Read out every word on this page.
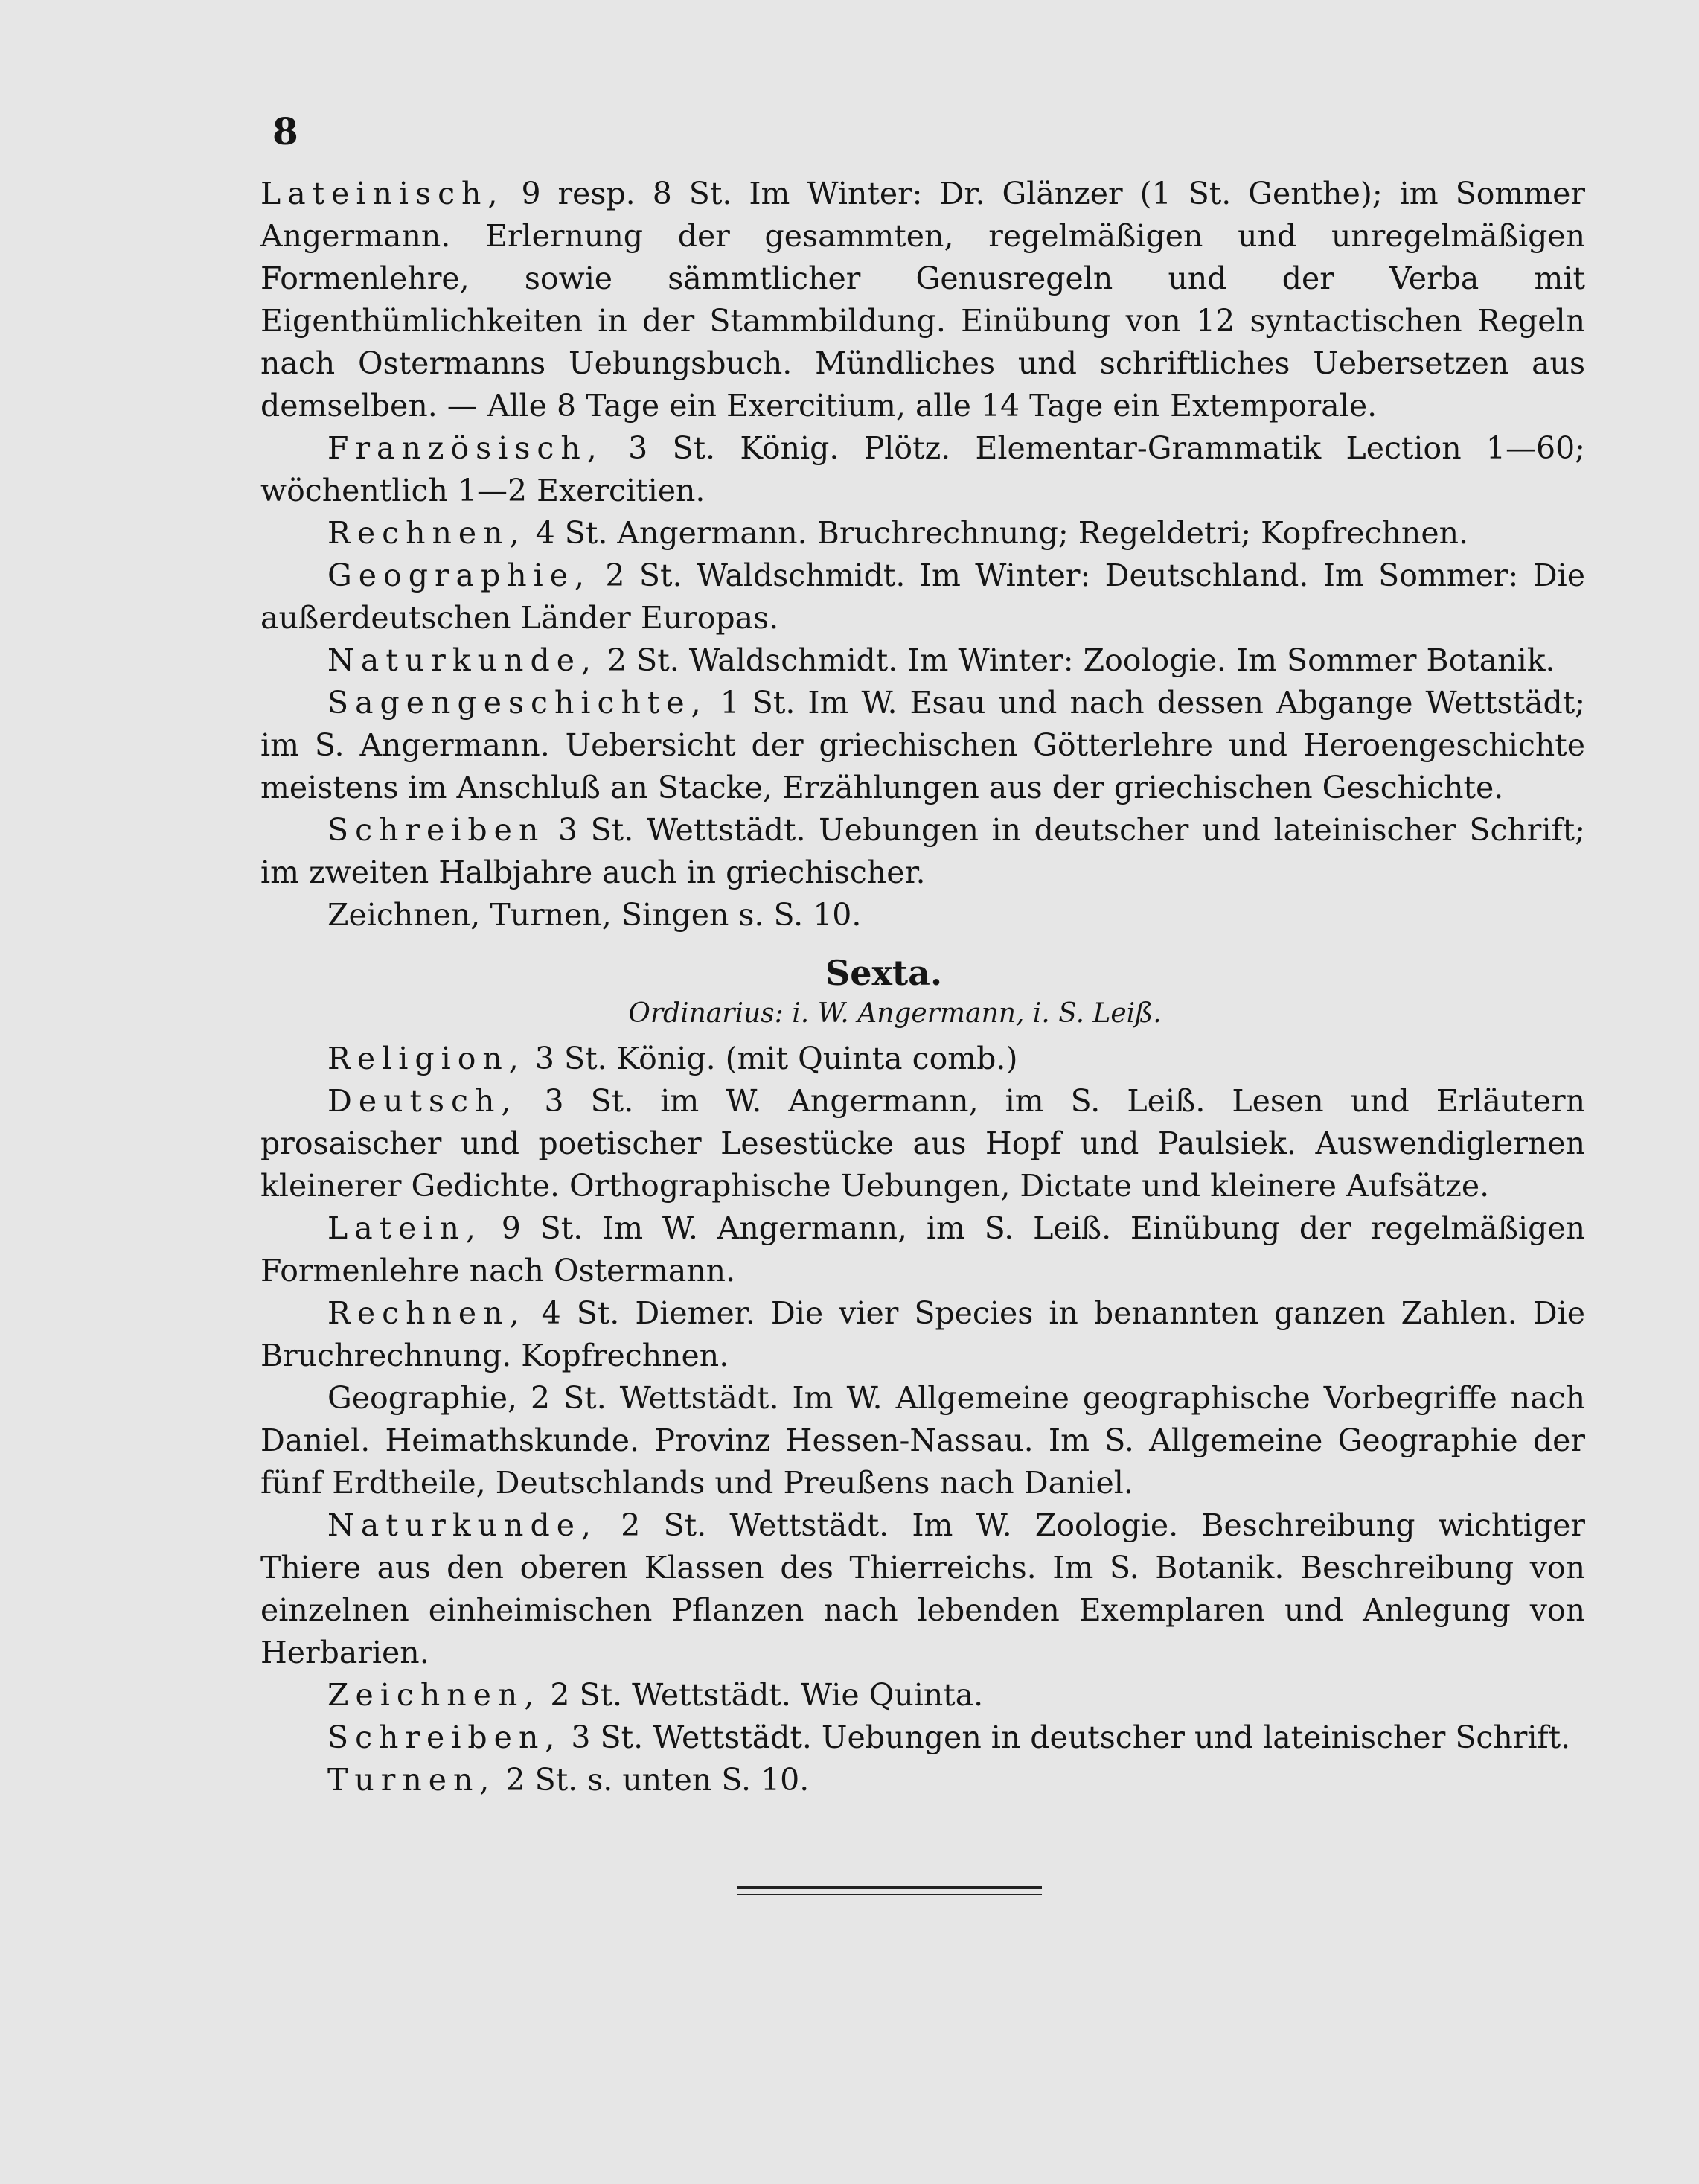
8

Lateinisch, 9 resp. 8 St. Im Winter: Dr. Glänzer (1 St. Genthe); im Sommer Angermann. Erlernung der gesammten, regelmäßigen und unregelmäßigen Formenlehre, sowie sämmtlicher Genusregeln und der Verba mit Eigenthümlichkeiten in der Stammbildung. Einübung von 12 syntactischen Regeln nach Ostermanns Uebungsbuch. Mündliches und schriftliches Uebersetzen aus demselben. — Alle 8 Tage ein Exercitium, alle 14 Tage ein Extemporale.

Französisch, 3 St. König. Plötz. Elementar-Grammatik Lection 1—60; wöchentlich 1—2 Exercitien.

Rechnen, 4 St. Angermann. Bruchrechnung; Regeldetri; Kopfrechnen.

Geographie, 2 St. Waldschmidt. Im Winter: Deutschland. Im Sommer: Die außerdeutschen Länder Europas.

Naturkunde, 2 St. Waldschmidt. Im Winter: Zoologie. Im Sommer Botanik.

Sagengeschichte, 1 St. Im W. Esau und nach dessen Abgange Wettstädt; im S. Angermann. Uebersicht der griechischen Götterlehre und Heroengeschichte meistens im Anschluß an Stacke, Erzählungen aus der griechischen Geschichte.

Schreiben 3 St. Wettstädt. Uebungen in deutscher und lateinischer Schrift; im zweiten Halbjahre auch in griechischer.

Zeichnen, Turnen, Singen s. S. 10.

Sexta.

Ordinarius: i. W. Angermann, i. S. Leiß.

Religion, 3 St. König. (mit Quinta comb.)

Deutsch, 3 St. im W. Angermann, im S. Leiß. Lesen und Erläutern prosaischer und poetischer Lesestücke aus Hopf und Paulsiek. Auswendiglernen kleinerer Gedichte. Orthographische Uebungen, Dictate und kleinere Aufsätze.

Latein, 9 St. Im W. Angermann, im S. Leiß. Einübung der regelmäßigen Formenlehre nach Ostermann.

Rechnen, 4 St. Diemer. Die vier Species in benannten ganzen Zahlen. Die Bruchrechnung. Kopfrechnen.

Geographie, 2 St. Wettstädt. Im W. Allgemeine geographische Vorbegriffe nach Daniel. Heimathskunde. Provinz Hessen-Nassau. Im S. Allgemeine Geographie der fünf Erdtheile, Deutschlands und Preußens nach Daniel.

Naturkunde, 2 St. Wettstädt. Im W. Zoologie. Beschreibung wichtiger Thiere aus den oberen Klassen des Thierreichs. Im S. Botanik. Beschreibung von einzelnen einheimischen Pflanzen nach lebenden Exemplaren und Anlegung von Herbarien.

Zeichnen, 2 St. Wettstädt. Wie Quinta.

Schreiben, 3 St. Wettstädt. Uebungen in deutscher und lateinischer Schrift.

Turnen, 2 St. s. unten S. 10.
